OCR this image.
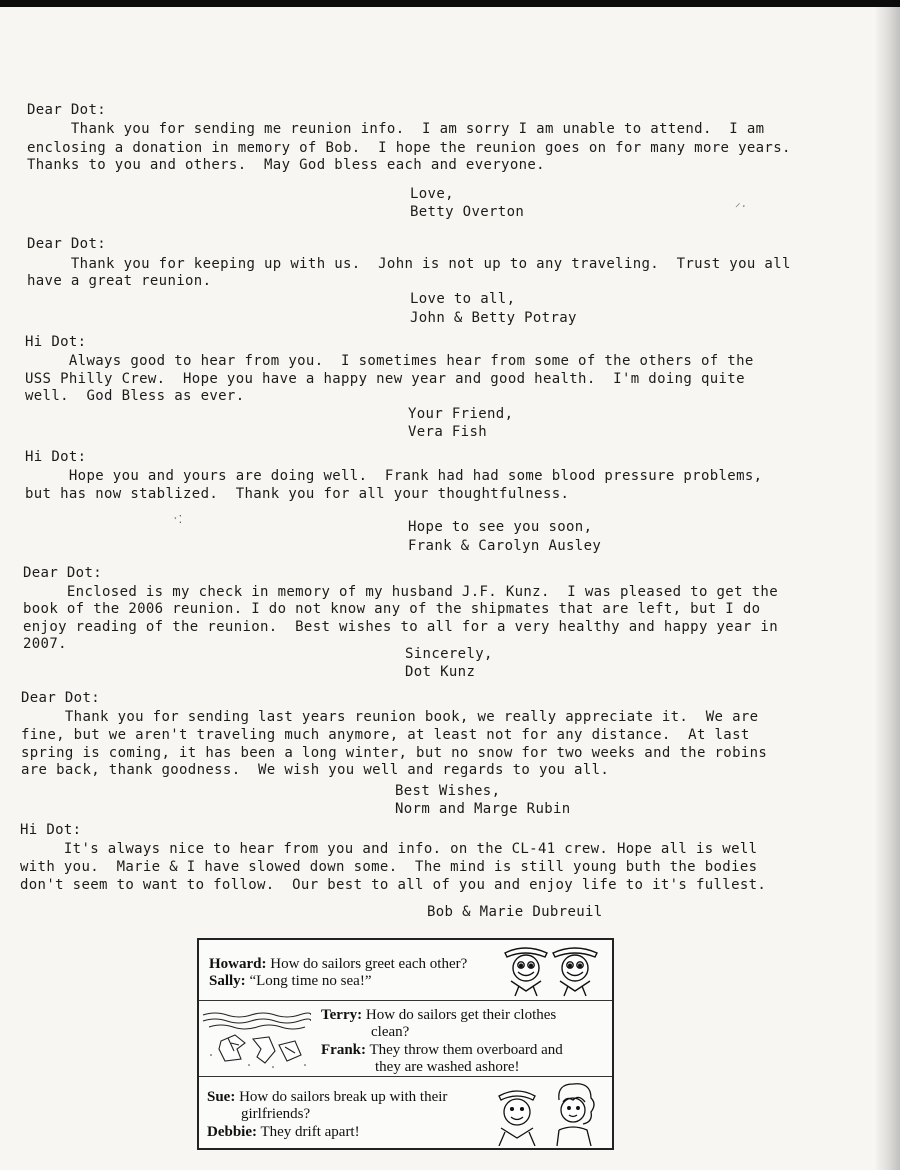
Dear Dot:
Thank you for sending me reunion info.  I am sorry I am unable to attend.  I am
enclosing a donation in memory of Bob.  I hope the reunion goes on for many more years.
Thanks to you and others.  May God bless each and everyone.
Love,
Betty Overton
Dear Dot:
Thank you for keeping up with us.  John is not up to any traveling.  Trust you all
have a great reunion.
Love to all,
John & Betty Potray
Hi Dot:
Always good to hear from you.  I sometimes hear from some of the others of the
USS Philly Crew.  Hope you have a happy new year and good health.  I'm doing quite
well.  God Bless as ever.
Your Friend,
Vera Fish
Hi Dot:
Hope you and yours are doing well.  Frank had had some blood pressure problems,
but has now stablized.  Thank you for all your thoughtfulness.
Hope to see you soon,
Frank & Carolyn Ausley
Dear Dot:
Enclosed is my check in memory of my husband J.F. Kunz.  I was pleased to get the
book of the 2006 reunion. I do not know any of the shipmates that are left, but I do
enjoy reading of the reunion.  Best wishes to all for a very healthy and happy year in
2007.
Sincerely,
Dot Kunz
Dear Dot:
Thank you for sending last years reunion book, we really appreciate it.  We are
fine, but we aren't traveling much anymore, at least not for any distance.  At last
spring is coming, it has been a long winter, but no snow for two weeks and the robins
are back, thank goodness.  We wish you well and regards to you all.
Best Wishes,
Norm and Marge Rubin
Hi Dot:
It's always nice to hear from you and info. on the CL-41 crew. Hope all is well
with you.  Marie & I have slowed down some.  The mind is still young buth the bodies
don't seem to want to follow.  Our best to all of you and enjoy life to it's fullest.
Bob & Marie Dubreuil
⸍ˑ
ˑ⁚
Howard: How do sailors greet each other?
Sally: “Long time no sea!”
Terry: How do sailors get their clothes
clean?
Frank: They throw them overboard and
they are washed ashore!
Sue: How do sailors break up with their
girlfriends?
Debbie: They drift apart!
